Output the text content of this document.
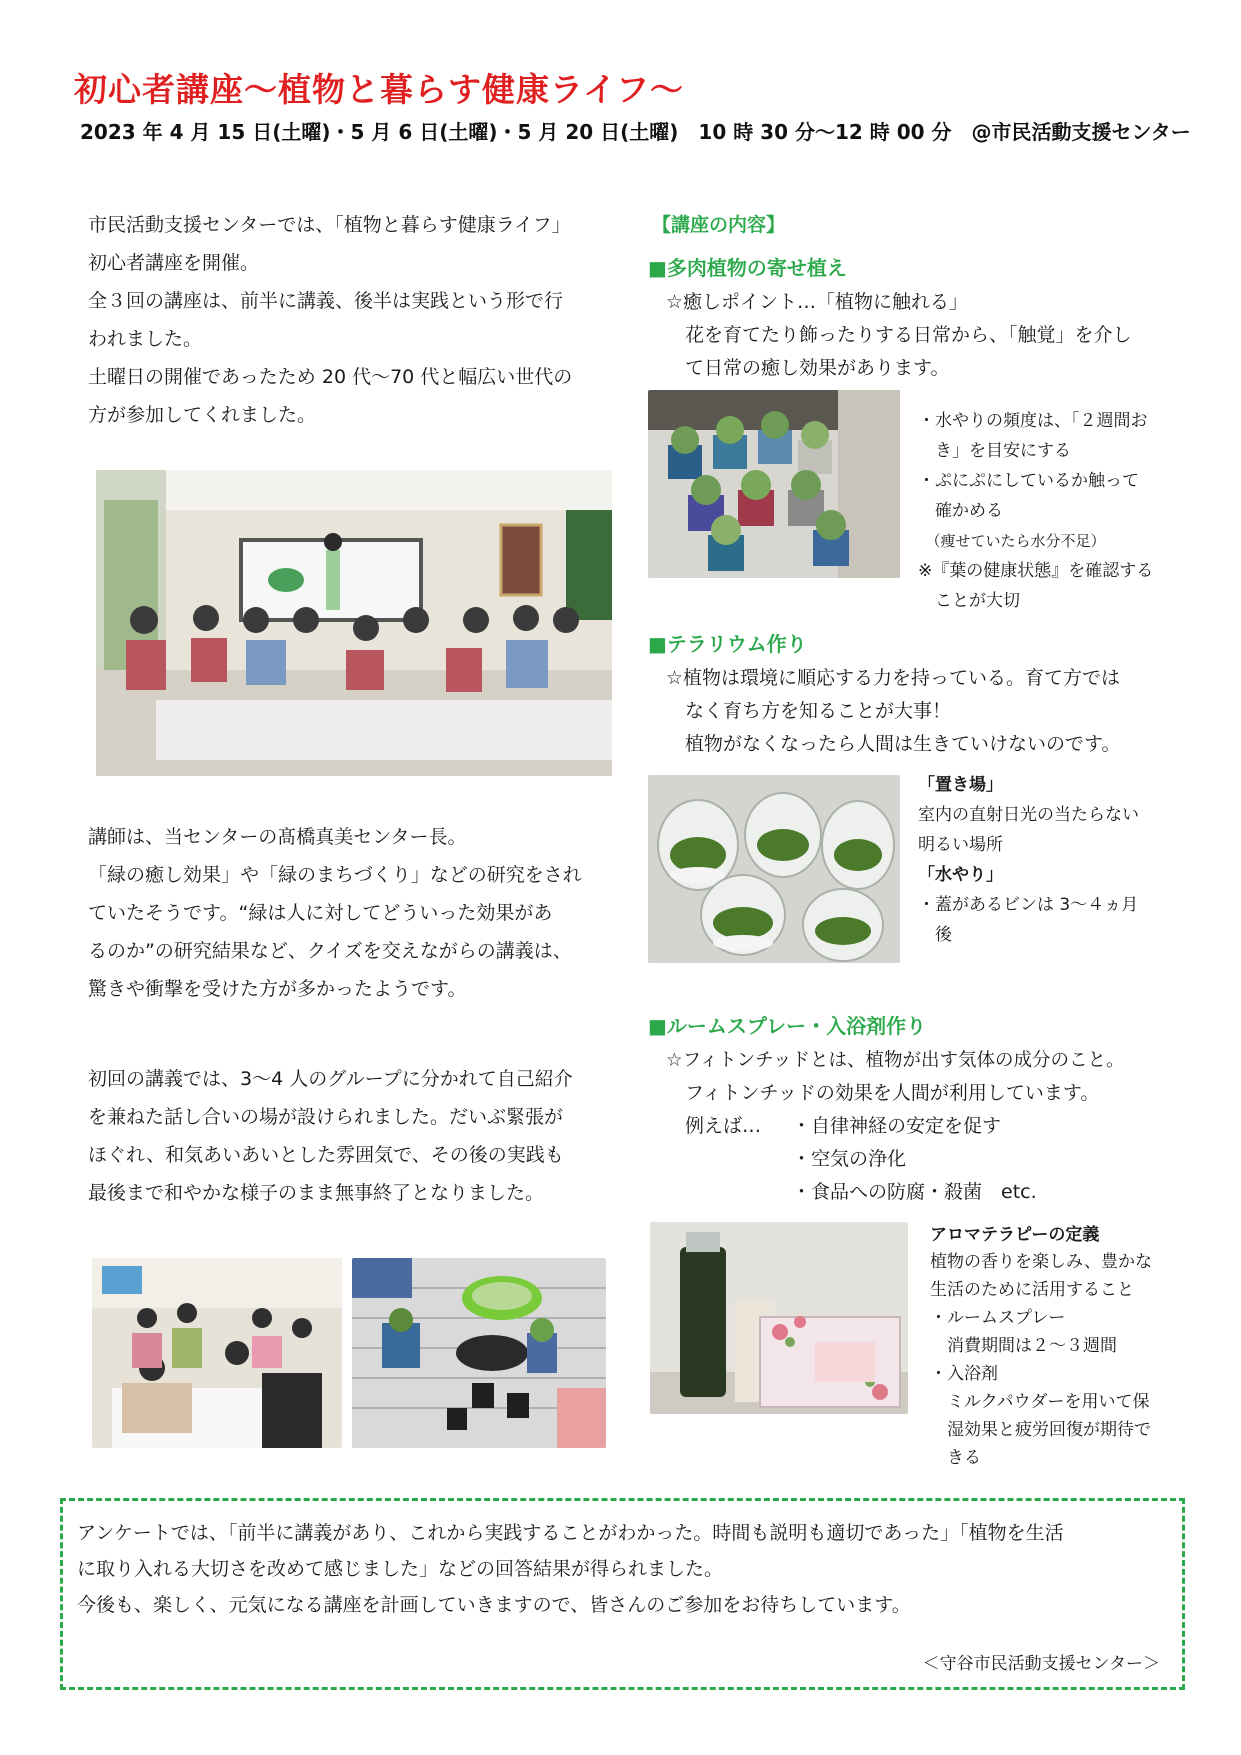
初心者講座～植物と暮らす健康ライフ～
2023 年 4 月 15 日(土曜)・5 月 6 日(土曜)・5 月 20 日(土曜)　10 時 30 分～12 時 00 分　@市民活動支援センター

市民活動支援センターでは、「植物と暮らす健康ライフ」

初心者講座を開催。

全３回の講座は、前半に講義、後半は実践という形で行

われました。

土曜日の開催であったため 20 代～70 代と幅広い世代の

方が参加してくれました。

講師は、当センターの髙橋真美センター長。

「緑の癒し効果」や「緑のまちづくり」などの研究をされ

ていたそうです。“緑は人に対してどういった効果があ

るのか”の研究結果など、クイズを交えながらの講義は、

驚きや衝撃を受けた方が多かったようです。

初回の講義では、3～4 人のグループに分かれて自己紹介

を兼ねた話し合いの場が設けられました。だいぶ緊張が

ほぐれ、和気あいあいとした雰囲気で、その後の実践も

最後まで和やかな様子のまま無事終了となりました。

【講座の内容】
■多肉植物の寄せ植え

☆癒しポイント…「植物に触れる」

　花を育てたり飾ったりする日常から、「触覚」を介し

　て日常の癒し効果があります。

・水やりの頻度は、「２週間お

　き」を目安にする

・ぷにぷにしているか触って

　確かめる

　（痩せていたら水分不足）

※『葉の健康状態』を確認する

　ことが大切

■テラリウム作り

☆植物は環境に順応する力を持っている。育て方では

　なく育ち方を知ることが大事！

　植物がなくなったら人間は生きていけないのです。

「置き場」

室内の直射日光の当たらない

明るい場所

「水やり」

・蓋があるビンは 3～４ヵ月

　後

■ルームスプレー・入浴剤作り

☆フィトンチッドとは、植物が出す気体の成分のこと。

　フィトンチッドの効果を人間が利用しています。

　例えば…	・自律神経の安定を促す

・空気の浄化

・食品への防腐・殺菌　etc.

アロマテラピーの定義

植物の香りを楽しみ、豊かな

生活のために活用すること

・ルームスプレー

　消費期間は２～３週間

・入浴剤

　ミルクパウダーを用いて保

　湿効果と疲労回復が期待で

　きる

アンケートでは、「前半に講義があり、これから実践することがわかった。時間も説明も適切であった」「植物を生活

に取り入れる大切さを改めて感じました」などの回答結果が得られました。

今後も、楽しく、元気になる講座を計画していきますので、皆さんのご参加をお待ちしています。

＜守谷市民活動支援センター＞
